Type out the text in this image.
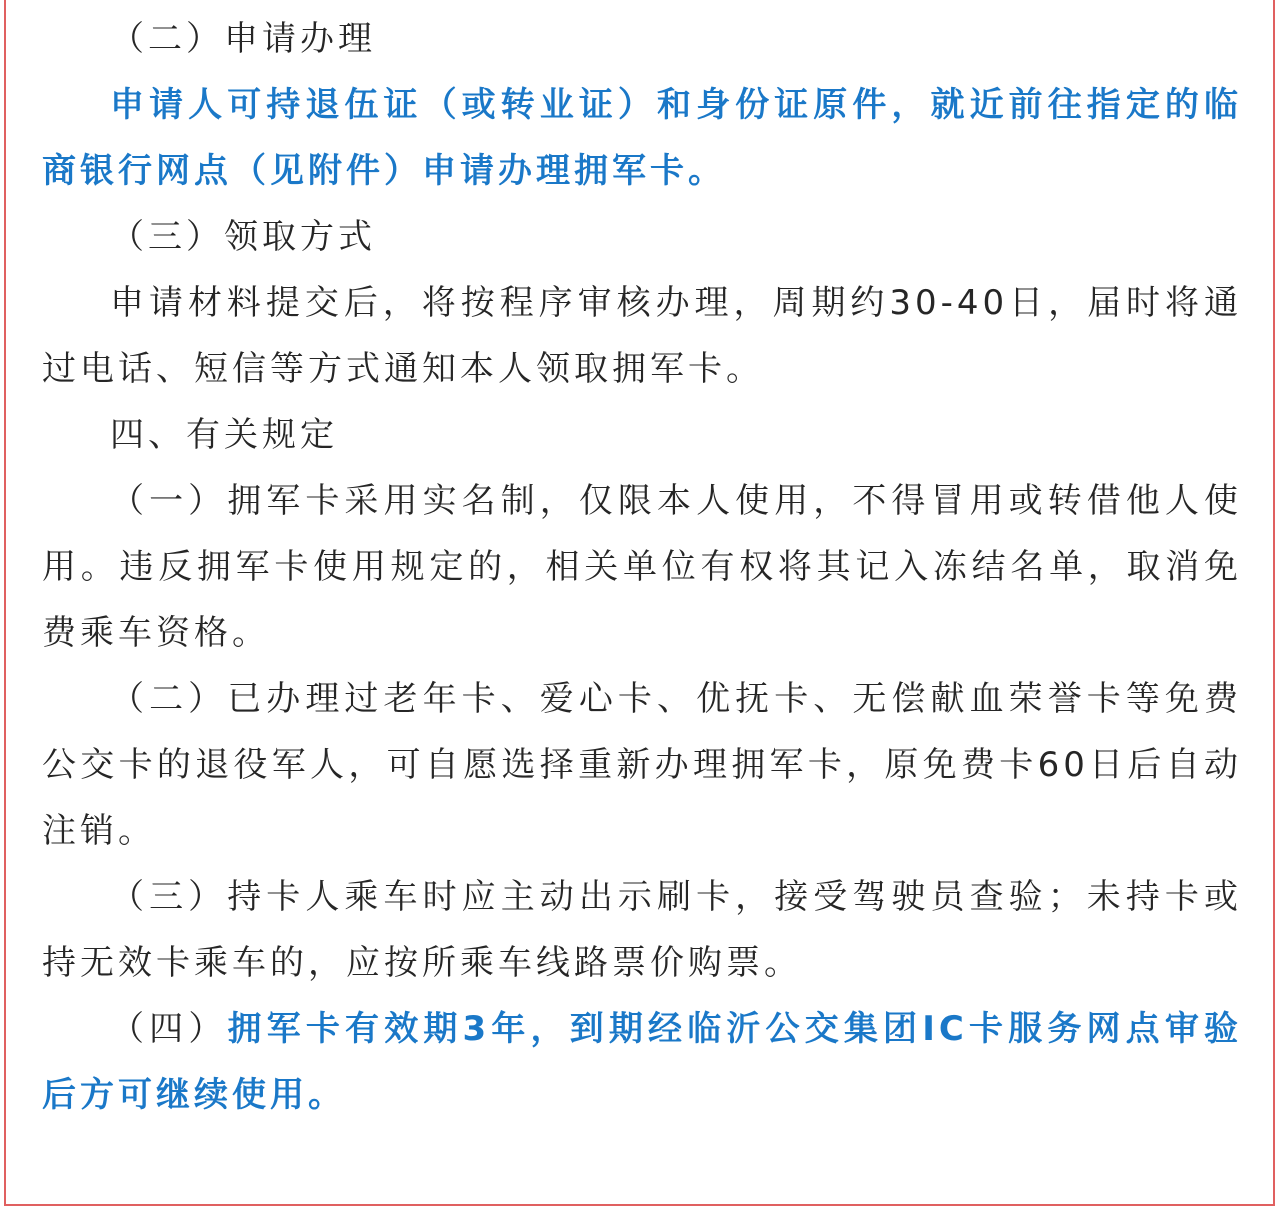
（二）申请办理

申请人可持退伍证（或转业证）和身份证原件，就近前往指定的临商银行网点（见附件）申请办理拥军卡。

（三）领取方式

申请材料提交后，将按程序审核办理，周期约30-40日，届时将通过电话、短信等方式通知本人领取拥军卡。

四、有关规定

（一）拥军卡采用实名制，仅限本人使用，不得冒用或转借他人使用。违反拥军卡使用规定的，相关单位有权将其记入冻结名单，取消免费乘车资格。

（二）已办理过老年卡、爱心卡、优抚卡、无偿献血荣誉卡等免费公交卡的退役军人，可自愿选择重新办理拥军卡，原免费卡60日后自动注销。

（三）持卡人乘车时应主动出示刷卡，接受驾驶员查验；未持卡或持无效卡乘车的，应按所乘车线路票价购票。

（四）拥军卡有效期3年，到期经临沂公交集团IC卡服务网点审验后方可继续使用。
